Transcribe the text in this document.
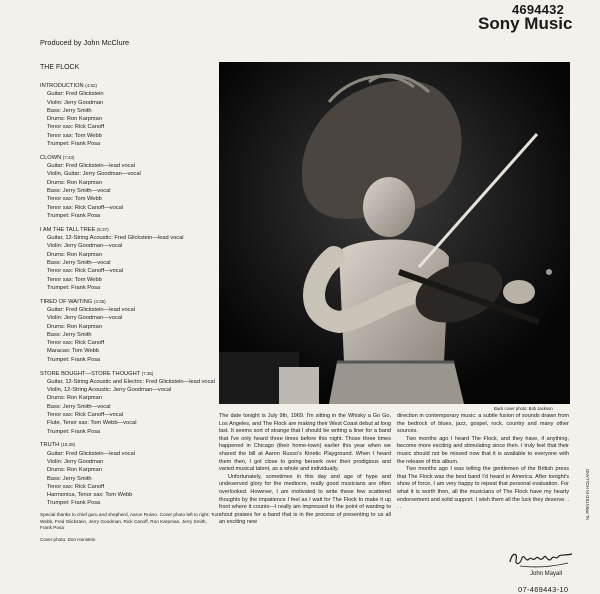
4694432
Sony Music
Produced by John McClure
THE FLOCK
INTRODUCTION (4:52)
Guitar: Fred Glickstein
Violin: Jerry Goodman
Bass: Jerry Smith
Drums: Ron Karpman
Tenor sax: Rick Canoff
Tenor sax: Tom Webb
Trumpet: Frank Posa
CLOWN (7:43)
Guitar: Fred Glickstein—lead vocal
Violin, Guitar: Jerry Goodman—vocal
Drums: Ron Karpman
Bass: Jerry Smith—vocal
Tenor sax: Tom Webb
Tenor sax: Rick Canoff—vocal
Trumpet: Frank Posa
I AM THE TALL TREE (5:37)
Guitar, 12-String Acoustic: Fred Glickstein—lead vocal
Violin: Jerry Goodman—vocal
Drums: Ron Karpman
Bass: Jerry Smith—vocal
Tenor sax: Rick Canoff—vocal
Tenor sax: Tom Webb
Trumpet: Frank Posa
TIRED OF WAITING (4:35)
Guitar: Fred Glickstein—lead vocal
Violin: Jerry Goodman—vocal
Drums: Ron Karpman
Bass: Jerry Smith
Tenor sax: Rick Canoff
Maracas: Tom Webb
Trumpet: Frank Posa
STORE BOUGHT—STORE THOUGHT (7:36)
Guitar, 12-String Acoustic and Electric: Fred Glickstein—lead vocal
Violin, 12-String Acoustic: Jerry Goodman—vocal
Drums: Ron Karpman
Bass: Jerry Smith—vocal
Tenor sax: Rick Canoff—vocal
Flute, Tenor sax: Tom Webb—vocal
Trumpet: Frank Posa
TRUTH (15:28)
Guitar: Fred Glickstein—lead vocal
Violin: Jerry Goodman
Drums: Ron Karpman
Bass: Jerry Smith
Tenor sax: Rick Canoff
Harmonica, Tenor sax: Tom Webb
Trumpet: Frank Posa
Special thanks to chief guru and shepherd, Aaron Russo. Cover photo left to right: Tom Webb, Fred Glickstein, Jerry Goodman, Rick Canoff, Ron Karpman, Jerry Smith, Frank Posa
Cover photo: Don Hunstein
Back cover photo: Bob Jackson

The date tonight is July 9th, 1969. I'm sitting in the Whisky a Go Go, Los Angeles, and The Flock are making their West Coast debut at long last. It seems sort of strange that I should be writing a liner for a band that I've only heard three times before this night. Those three times happened in Chicago (their home-town) earlier this year when we shared the bill at Aaron Russo's Kinetic Playground. When I heard them then, I got close to going berserk over their prodigious and varied musical talent, as a whole and individually.

Unfortunately, sometimes in this day and age of hype and undeserved glory for the mediocre, really good musicians are often overlooked. However, I am motivated to write these few scattered thoughts by the impatience I feel as I wait for The Flock to make it up front where it counts—I really am impressed to the point of wanting to shout praises for a band that is in the process of presenting to us all an exciting new

direction in contemporary music: a subtle fusion of sounds drawn from the bedrock of blues, jazz, gospel, rock, country and many other sources.

Two months ago I heard The Flock, and they have, if anything, become more exciting and stimulating since then. I truly feel that their music should not be missed now that it is available to everyone with the release of this album.

Two months ago I was telling the gentlemen of the British press that The Flock was the best band I'd heard in America. After tonight's show of force, I am very happy to repeat that personal evaluation. For what it is worth then, all the musicians of The Flock have my hearty endorsement and solid support. I wish them all the luck they deserve. . . .

John Mayall
NL PRINTED IN HOLLAND
07-469443-10
